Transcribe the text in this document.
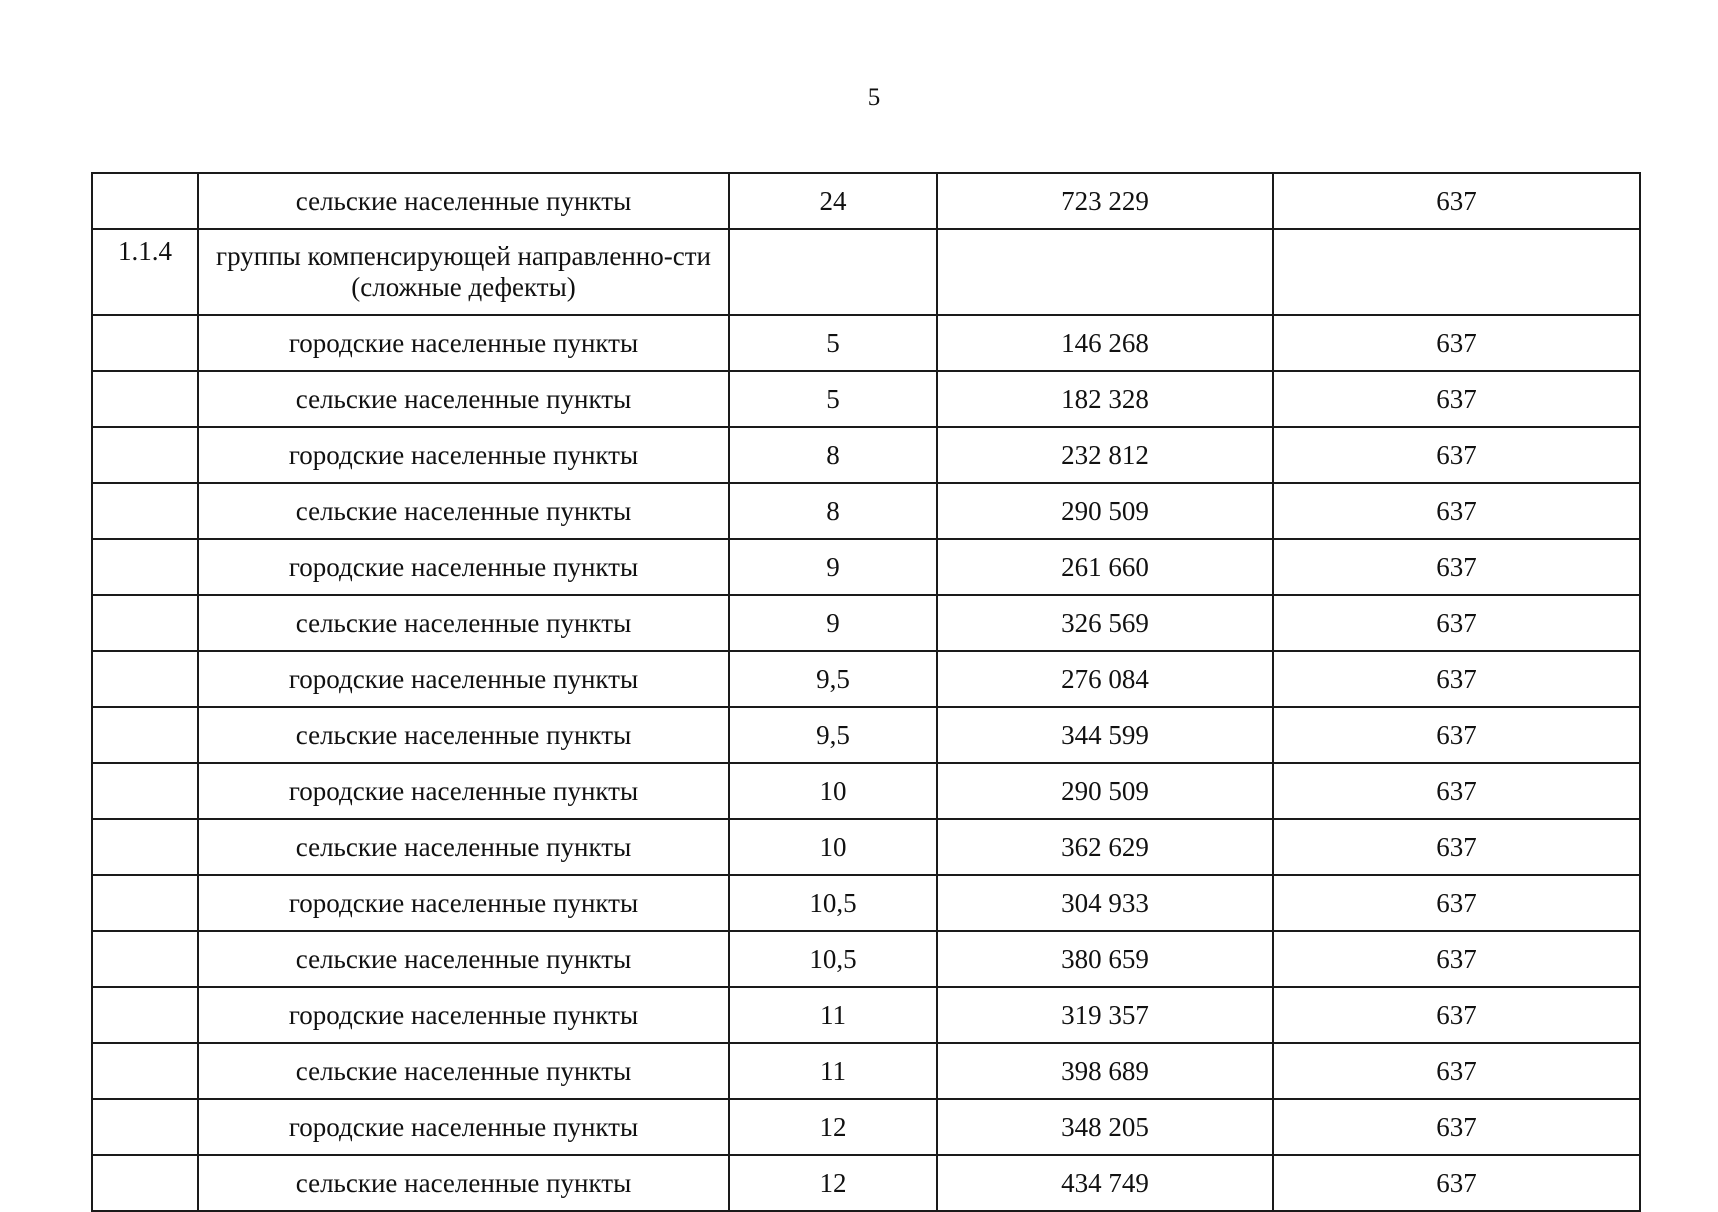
5
	сельские населенные пункты	24	723 229	637
1.1.4	группы компенсирующей направленно-сти (сложные дефекты)			
	городские населенные пункты	5	146 268	637
	сельские населенные пункты	5	182 328	637
	городские населенные пункты	8	232 812	637
	сельские населенные пункты	8	290 509	637
	городские населенные пункты	9	261 660	637
	сельские населенные пункты	9	326 569	637
	городские населенные пункты	9,5	276 084	637
	сельские населенные пункты	9,5	344 599	637
	городские населенные пункты	10	290 509	637
	сельские населенные пункты	10	362 629	637
	городские населенные пункты	10,5	304 933	637
	сельские населенные пункты	10,5	380 659	637
	городские населенные пункты	11	319 357	637
	сельские населенные пункты	11	398 689	637
	городские населенные пункты	12	348 205	637
	сельские населенные пункты	12	434 749	637
